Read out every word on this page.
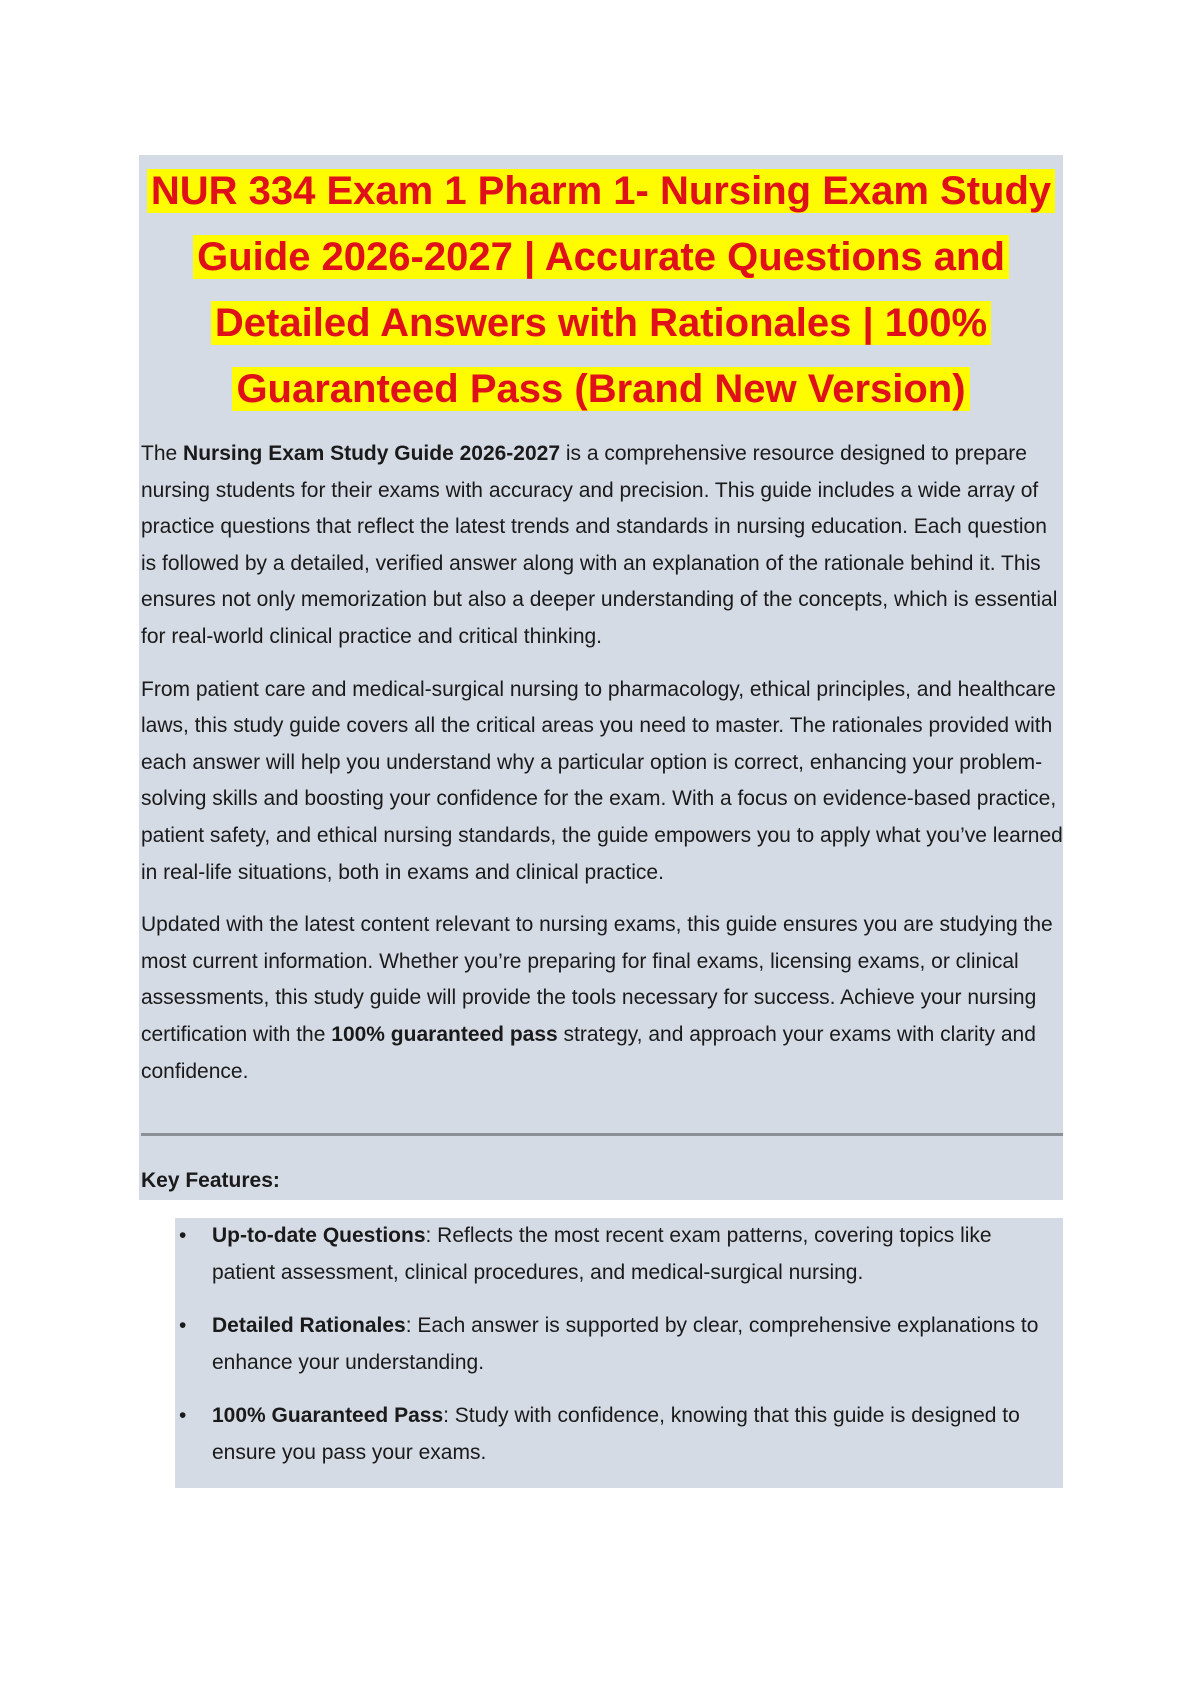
NUR 334 Exam 1 Pharm 1- Nursing Exam Study
Guide 2026-2027 | Accurate Questions and
Detailed Answers with Rationales | 100%
Guaranteed Pass (Brand New Version)

The Nursing Exam Study Guide 2026-2027 is a comprehensive resource designed to prepare nursing students for their exams with accuracy and precision. This guide includes a wide array of practice questions that reflect the latest trends and standards in nursing education. Each question is followed by a detailed, verified answer along with an explanation of the rationale behind it. This ensures not only memorization but also a deeper understanding of the concepts, which is essential for real-world clinical practice and critical thinking.

From patient care and medical-surgical nursing to pharmacology, ethical principles, and healthcare laws, this study guide covers all the critical areas you need to master. The rationales provided with each answer will help you understand why a particular option is correct, enhancing your problem-solving skills and boosting your confidence for the exam. With a focus on evidence-based practice, patient safety, and ethical nursing standards, the guide empowers you to apply what you’ve learned in real-life situations, both in exams and clinical practice.

Updated with the latest content relevant to nursing exams, this guide ensures you are studying the most current information. Whether you’re preparing for final exams, licensing exams, or clinical assessments, this study guide will provide the tools necessary for success. Achieve your nursing certification with the 100% guaranteed pass strategy, and approach your exams with clarity and confidence.

Key Features:

• Up-to-date Questions: Reflects the most recent exam patterns, covering topics like patient assessment, clinical procedures, and medical-surgical nursing.
• Detailed Rationales: Each answer is supported by clear, comprehensive explanations to enhance your understanding.
• 100% Guaranteed Pass: Study with confidence, knowing that this guide is designed to ensure you pass your exams.
